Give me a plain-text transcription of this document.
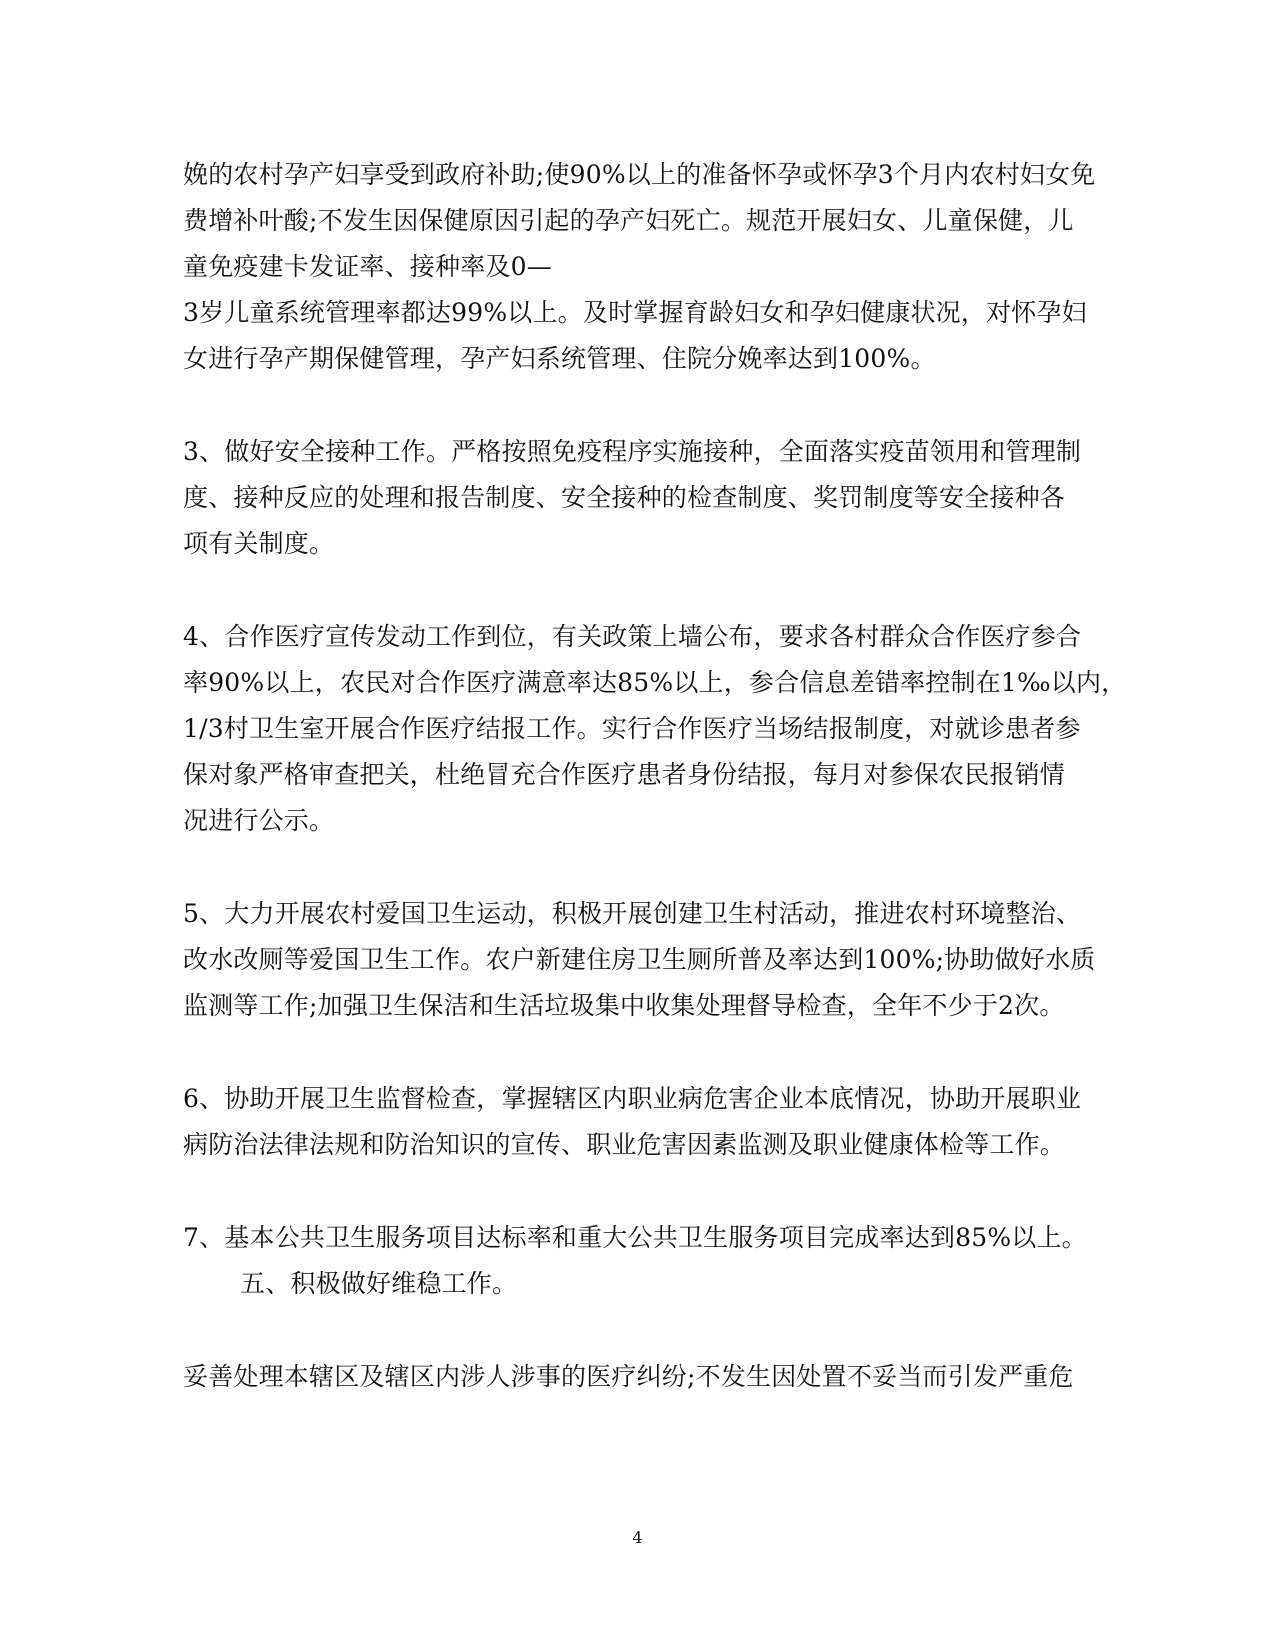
娩的农村孕产妇享受到政府补助;使90%以上的准备怀孕或怀孕3个月内农村妇女免
费增补叶酸;不发生因保健原因引起的孕产妇死亡。规范开展妇女、儿童保健，儿
童免疫建卡发证率、接种率及0—
3岁儿童系统管理率都达99%以上。及时掌握育龄妇女和孕妇健康状况，对怀孕妇
女进行孕产期保健管理，孕产妇系统管理、住院分娩率达到100%。
3、做好安全接种工作。严格按照免疫程序实施接种，全面落实疫苗领用和管理制
度、接种反应的处理和报告制度、安全接种的检查制度、奖罚制度等安全接种各
项有关制度。
4、合作医疗宣传发动工作到位，有关政策上墙公布，要求各村群众合作医疗参合
率90%以上，农民对合作医疗满意率达85%以上，参合信息差错率控制在1‰以内，
1/3村卫生室开展合作医疗结报工作。实行合作医疗当场结报制度，对就诊患者参
保对象严格审查把关，杜绝冒充合作医疗患者身份结报，每月对参保农民报销情
况进行公示。
5、大力开展农村爱国卫生运动，积极开展创建卫生村活动，推进农村环境整治、
改水改厕等爱国卫生工作。农户新建住房卫生厕所普及率达到100%;协助做好水质
监测等工作;加强卫生保洁和生活垃圾集中收集处理督导检查，全年不少于2次。
6、协助开展卫生监督检查，掌握辖区内职业病危害企业本底情况，协助开展职业
病防治法律法规和防治知识的宣传、职业危害因素监测及职业健康体检等工作。
7、基本公共卫生服务项目达标率和重大公共卫生服务项目完成率达到85%以上。
五、积极做好维稳工作。
妥善处理本辖区及辖区内涉人涉事的医疗纠纷;不发生因处置不妥当而引发严重危
4
